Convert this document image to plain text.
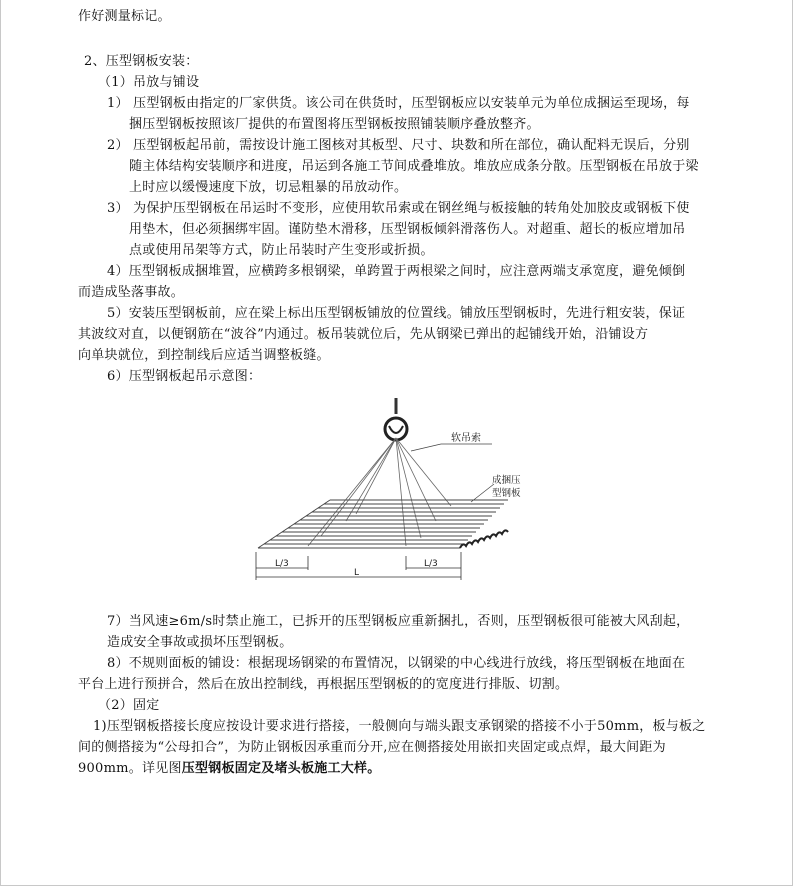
作好测量标记。
2、压型钢板安装：
（1）吊放与铺设
1） 压型钢板由指定的厂家供货。该公司在供货时，压型钢板应以安装单元为单位成捆运至现场，每
捆压型钢板按照该厂提供的布置图将压型钢板按照铺装顺序叠放整齐。
2） 压型钢板起吊前，需按设计施工图核对其板型、尺寸、块数和所在部位，确认配料无误后，分别
随主体结构安装顺序和进度，吊运到各施工节间成叠堆放。堆放应成条分散。压型钢板在吊放于梁
上时应以缓慢速度下放，切忌粗暴的吊放动作。
3） 为保护压型钢板在吊运时不变形，应使用软吊索或在钢丝绳与板接触的转角处加胶皮或钢板下使
用垫木，但必须捆绑牢固。谨防垫木滑移，压型钢板倾斜滑落伤人。对超重、超长的板应增加吊
点或使用吊架等方式，防止吊装时产生变形或折损。
4）压型钢板成捆堆置，应横跨多根钢梁，单跨置于两根梁之间时，应注意两端支承宽度，避免倾倒
而造成坠落事故。
5）安装压型钢板前，应在梁上标出压型钢板铺放的位置线。铺放压型钢板时，先进行粗安装，保证
其波纹对直，以便钢筋在“波谷”内通过。板吊装就位后，先从钢梁已弹出的起铺线开始，沿铺设方
向单块就位，到控制线后应适当调整板缝。
6）压型钢板起吊示意图：
软吊索
成捆压
型钢板
L/3
L
L/3
7）当风速≥6m/s时禁止施工，已拆开的压型钢板应重新捆扎，否则，压型钢板很可能被大风刮起，
造成安全事故或损坏压型钢板。
8）不规则面板的铺设：根据现场钢梁的布置情况，以钢梁的中心线进行放线，将压型钢板在地面在
平台上进行预拼合，然后在放出控制线，再根据压型钢板的的宽度进行排版、切割。
（2）固定
1)压型钢板搭接长度应按设计要求进行搭接，一般侧向与端头跟支承钢梁的搭接不小于50mm，板与板之
间的侧搭接为“公母扣合”，为防止钢板因承重而分开,应在侧搭接处用嵌扣夹固定或点焊，最大间距为
900mm。详见图压型钢板固定及堵头板施工大样。
